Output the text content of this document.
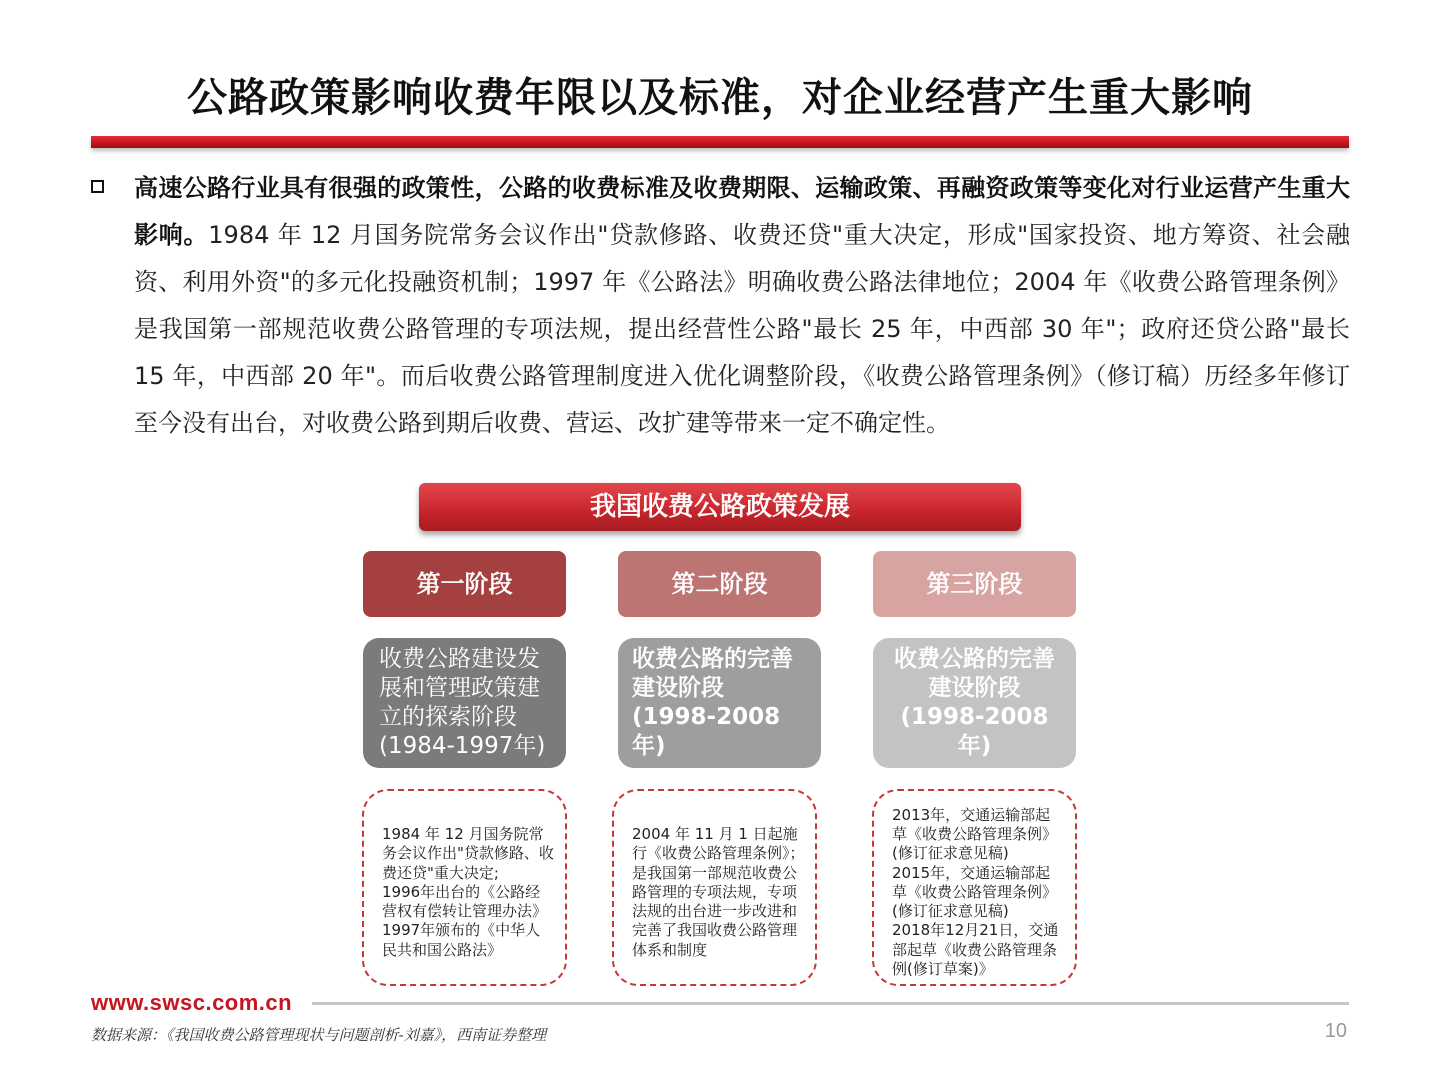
公路政策影响收费年限以及标准，对企业经营产生重大影响
高速公路行业具有很强的政策性，公路的收费标准及收费期限、运输政策、再融资政策等变化对行业运营产生重大影响。1984 年 12 月国务院常务会议作出"贷款修路、收费还贷"重大决定，形成"国家投资、地方筹资、社会融资、利用外资"的多元化投融资机制；1997 年《公路法》明确收费公路法律地位；2004 年《收费公路管理条例》是我国第一部规范收费公路管理的专项法规，提出经营性公路"最长 25 年，中西部 30 年"；政府还贷公路"最长 15 年，中西部 20 年"。而后收费公路管理制度进入优化调整阶段，《收费公路管理条例》（修订稿）历经多年修订至今没有出台，对收费公路到期后收费、营运、改扩建等带来一定不确定性。
我国收费公路政策发展
第一阶段	第二阶段	第三阶段
收费公路建设发展和管理政策建立的探索阶段(1984-1997年)
收费公路的完善建设阶段(1998-2008年)
收费公路的完善建设阶段(1998-2008年)
1984 年 12 月国务院常务会议作出"贷款修路、收费还贷"重大决定;
1996年出台的《公路经营权有偿转让管理办法》
1997年颁布的《中华人民共和国公路法》
2004 年 11 月 1 日起施行《收费公路管理条例》；是我国第一部规范收费公路管理的专项法规，专项法规的出台进一步改进和完善了我国收费公路管理体系和制度
2013年，交通运输部起草《收费公路管理条例》(修订征求意见稿)
2015年，交通运输部起草《收费公路管理条例》(修订征求意见稿)
2018年12月21日，交通部起草《收费公路管理条例(修订草案)》
www.swsc.com.cn
数据来源：《我国收费公路管理现状与问题剖析-刘嘉》，西南证券整理	10
